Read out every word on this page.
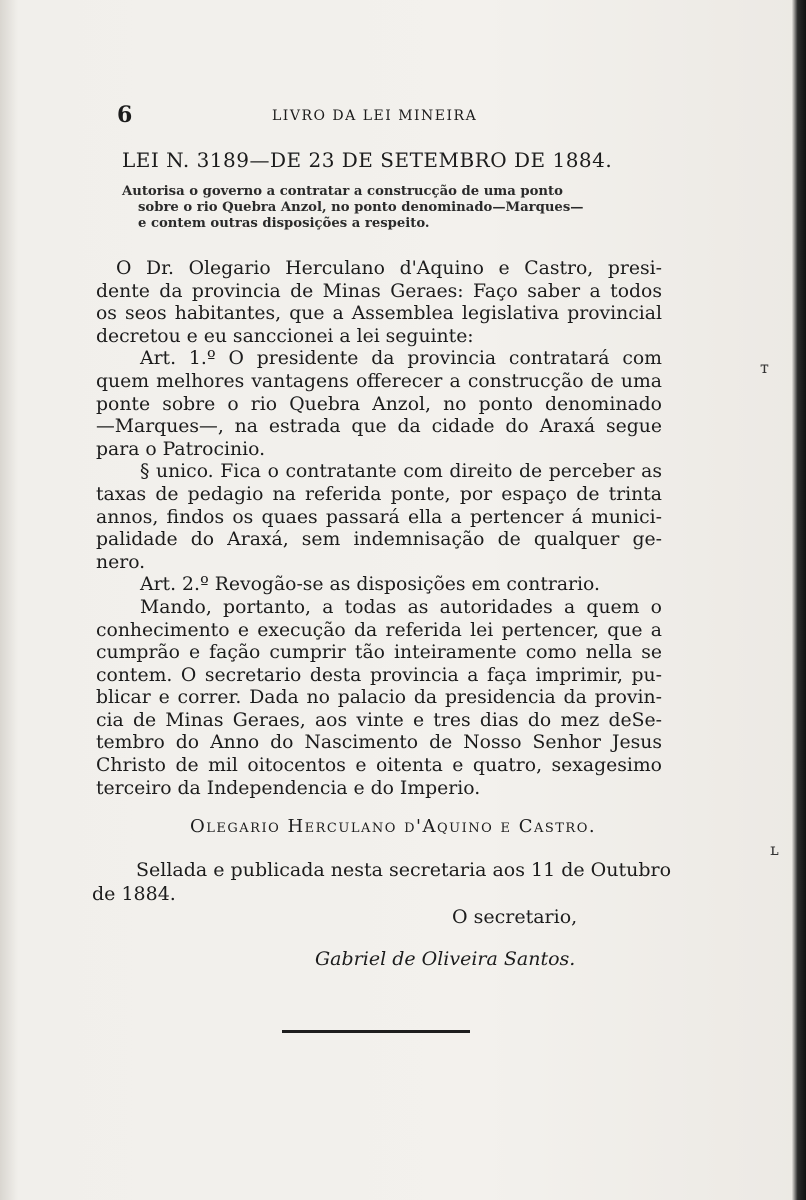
6	LIVRO DA LEI MINEIRA
LEI N. 3189—DE 23 DE SETEMBRO DE 1884.
Autorisa o governo a contratar a construcção de uma ponto
sobre o rio Quebra Anzol, no ponto denominado—Marques—
e contem outras disposições a respeito.
O Dr. Olegario Herculano d'Aquino e Castro, presi-
dente da provincia de Minas Geraes: Faço saber a todos
os seos habitantes, que a Assemblea legislativa provincial
decretou e eu sanccionei a lei seguinte:
Art. 1.º O presidente da provincia contratará com
quem melhores vantagens offerecer a construcção de uma
ponte sobre o rio Quebra Anzol, no ponto denominado
—Marques—, na estrada que da cidade do Araxá segue
para o Patrocinio.
§ unico. Fica o contratante com direito de perceber as
taxas de pedagio na referida ponte, por espaço de trinta
annos, findos os quaes passará ella a pertencer á munici-
palidade do Araxá, sem indemnisação de qualquer ge-
nero.
Art. 2.º Revogão-se as disposições em contrario.
Mando, portanto, a todas as autoridades a quem o
conhecimento e execução da referida lei pertencer, que a
cumprão e fação cumprir tão inteiramente como nella se
contem. O secretario desta provincia a faça imprimir, pu-
blicar e correr. Dada no palacio da presidencia da provin-
cia de Minas Geraes, aos vinte e tres dias do mez deSe-
tembro do Anno do Nascimento de Nosso Senhor Jesus
Christo de mil oitocentos e oitenta e quatro, sexagesimo
terceiro da Independencia e do Imperio.
Olegario Herculano d'Aquino e Castro.
Sellada e publicada nesta secretaria aos 11 de Outubro
de 1884.
O secretario,
Gabriel de Oliveira Santos.
ᴛ
ʟ
